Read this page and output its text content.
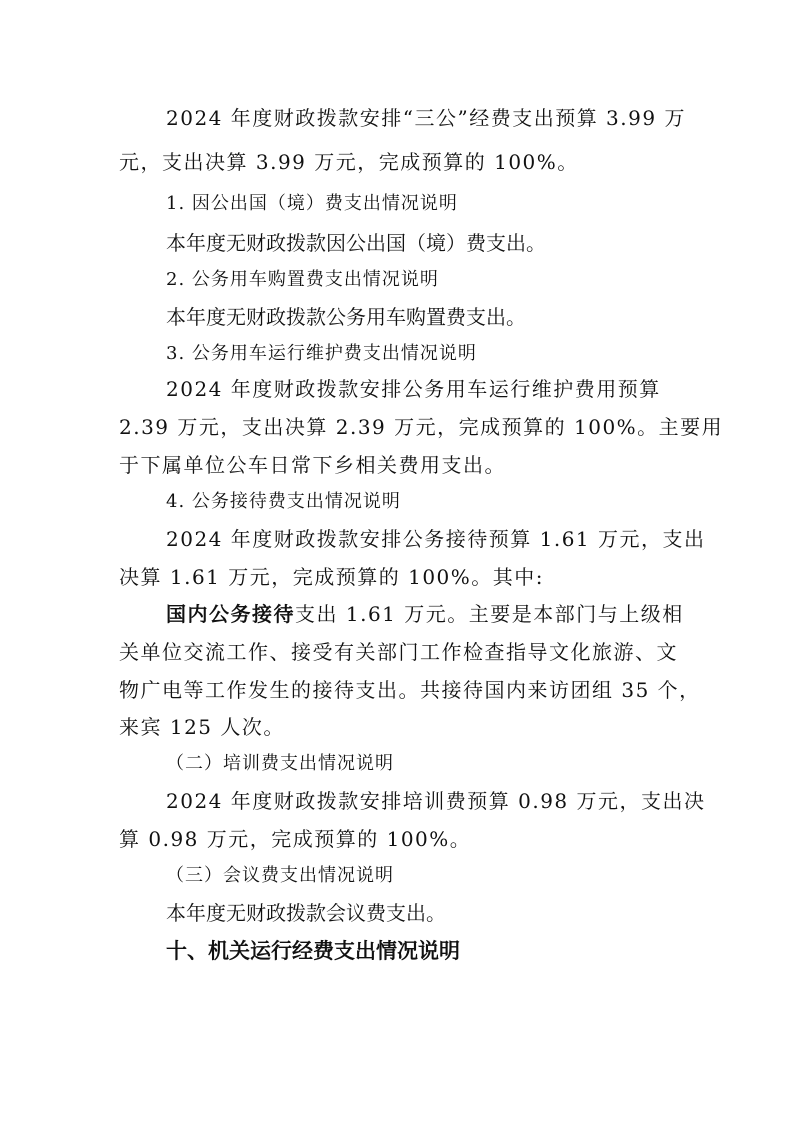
2024 年度财政拨款安排“三公”经费支出预算 3.99 万
元，支出决算 3.99 万元，完成预算的 100%。
1. 因公出国（境）费支出情况说明
本年度无财政拨款因公出国（境）费支出。
2. 公务用车购置费支出情况说明
本年度无财政拨款公务用车购置费支出。
3. 公务用车运行维护费支出情况说明
2024 年度财政拨款安排公务用车运行维护费用预算
2.39 万元，支出决算 2.39 万元，完成预算的 100%。主要用
于下属单位公车日常下乡相关费用支出。
4. 公务接待费支出情况说明
2024 年度财政拨款安排公务接待预算 1.61 万元，支出
决算 1.61 万元，完成预算的 100%。其中:
国内公务接待支出 1.61 万元。主要是本部门与上级相
关单位交流工作、接受有关部门工作检查指导文化旅游、文
物广电等工作发生的接待支出。共接待国内来访团组 35 个，
来宾 125 人次。
（二）培训费支出情况说明
2024 年度财政拨款安排培训费预算 0.98 万元，支出决
算 0.98 万元，完成预算的 100%。
（三）会议费支出情况说明
本年度无财政拨款会议费支出。
十、机关运行经费支出情况说明
